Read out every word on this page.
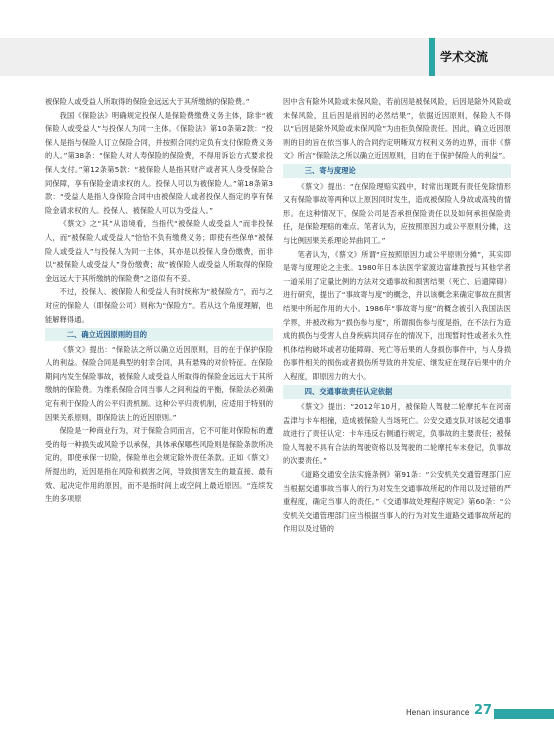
学术交流

被保险人或受益人所取得的保险金远远大于其所缴纳的保险费。”

我国《保险法》明确规定投保人是保险费缴费义务主体，除非“被保险人或受益人”与投保人为同一主体。《保险法》第10条第2款：“投保人是指与保险人订立保险合同，并按照合同约定负有支付保险费义务的人。”第38条：“保险人对人寿保险的保险费，不得用诉讼方式要求投保人支付。”第12条第5款：“被保险人是指其财产或者其人身受保险合同保障，享有保险金请求权的人。投保人可以为被保险人。”第18条第3款：“受益人是指人身保险合同中由被保险人或者投保人指定的享有保险金请求权的人。投保人、被保险人可以为受益人。”

《蔡文》之“其”从语境看，当指代“被保险人或受益人”而非投保人，而“被保险人或受益人”恰恰不负有缴费义务；即使有些保单“被保险人或受益人”与投保人为同一主体，其亦是以投保人身份缴费，而非以“被保险人或受益人”身份缴费；故“被保险人或受益人所取得的保险金远远大于其所缴纳的保险费”之语似有不妥。

不过，投保人、被保险人和受益人有时统称为“被保险方”，而与之对应的保险人（即保险公司）则称为“保险方”。若从这个角度理解，也能解释得通。

二、确立近因原则的目的

《蔡文》提出：“保险法之所以确立近因原则，目的在于保护保险人的利益。保险合同是典型的射幸合同，具有悬殊的对价特征。在保险期间内发生保险事故，被保险人或受益人所取得的保险金远远大于其所缴纳的保险费。为维系保险合同当事人之间利益的平衡，保险法必须确定有利于保险人的公平归责机制。这种公平归责机制，应适用于特别的因果关系原则，即保险法上的近因原则。”

保险是一种商业行为，对于保险合同而言，它不可能对保险标的遭受的每一种损失或风险予以承保，具体承保哪些风险则是保险条款所决定的，即使承保一切险，保险单也会规定除外责任条款。正如《蔡文》所提出的，近因是指在风险和损害之间，导致损害发生的最直接、最有效、起决定作用的原因，而不是指时间上或空间上最近原因。“连续发生的多项原

因中含有除外风险或未保风险，若前因是被保风险，后因是除外风险或未保风险，且后因是前因的必然结果”，依据近因原则，保险人不得以“后因是除外风险或未保风险”为由拒负保险责任。因此，确立近因原则的目的旨在依当事人的合同约定明晰双方权利义务的边界，而非《蔡文》所言“保险法之所以确立近因原则，目的在于保护保险人的利益”。

三、寄与度理论

《蔡文》提出：“在保险理赔实践中，时常出现既有责任免除情形又有保险事故等两种以上原因同时发生，造成被保险人身故或高残的情形。在这种情况下，保险公司是否承担保险责任以及如何承担保险责任，是保险理赔的难点。笔者认为，应按照原因力或公平原则分摊，这与比例因果关系理论异曲同工。”

笔者认为，《蔡文》所谓“应按照原因力或公平原则分摊”，其实即是寄与度理论之主张。1980年日本法医学家渡边富雄教授与其他学者一道采用了定量比例的方法对交通事故和损害结果（死亡、后遗障碍）进行研究，提出了“事故寄与度”的概念，并以该概念来确定事故在损害结果中所起作用的大小。1986年“事故寄与度”的概念被引入我国法医学界，并被改称为“损伤参与度”，所谓损伤参与度是指，在不法行为造成的损伤与受害人自身疾病共同存在的情况下，出现暂时性或者永久性机体结构破坏或者功能障碍、死亡等后果的人身损伤事件中，与人身损伤事件相关的损伤或者损伤所导致的并发症、继发症在现存后果中的介入程度，即原因力的大小。

四、交通事故责任认定依据

《蔡文》提出：“2012年10月，被保险人驾驶二轮摩托车在河南盂津与卡车相撞，造成被保险人当场死亡。公安交通支队对该起交通事故进行了责任认定：卡车违反右侧通行规定，负事故的主要责任；被保险人驾驶不具有合法的驾驶资格以及驾驶的二轮摩托车未登记，负事故的次要责任。”

《道路交通安全法实施条例》第91条：“公安机关交通管理部门应当根据交通事故当事人的行为对发生交通事故所起的作用以及过错的严重程度，确定当事人的责任。”《交通事故处理程序规定》第60条：“公安机关交通管理部门应当根据当事人的行为对发生道路交通事故所起的作用以及过错的

Henan insurance 27
